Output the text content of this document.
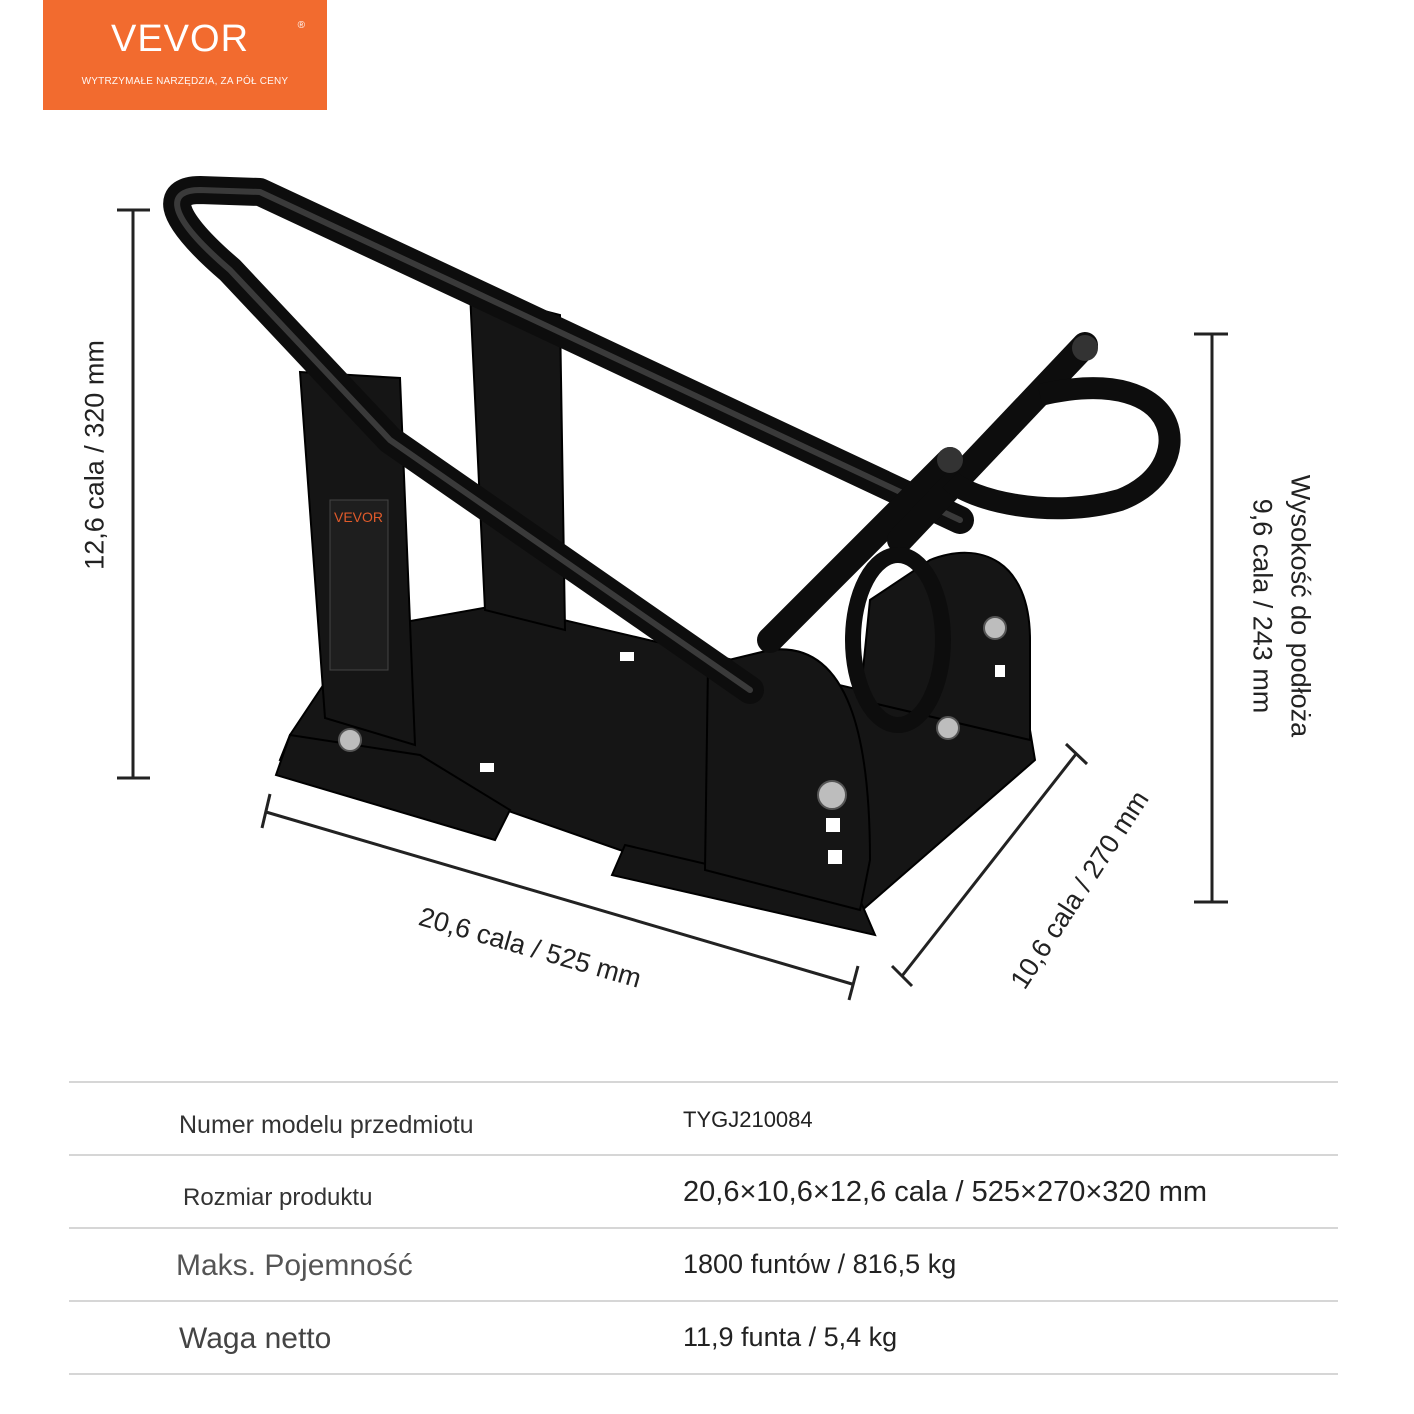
VEVOR	®
WYTRZYMAŁE NARZĘDZIA, ZA PÓŁ CENY
VEVOR
12,6 cala / 320 mm
Wysokość do podłoża
9,6 cala / 243 mm
20,6 cala / 525 mm	10,6 cala / 270 mm
Numer modelu przedmiotu	TYGJ210084
Rozmiar produktu	20,6×10,6×12,6 cala / 525×270×320 mm
Maks. Pojemność	1800 funtów / 816,5 kg
Waga netto	11,9 funta / 5,4 kg
